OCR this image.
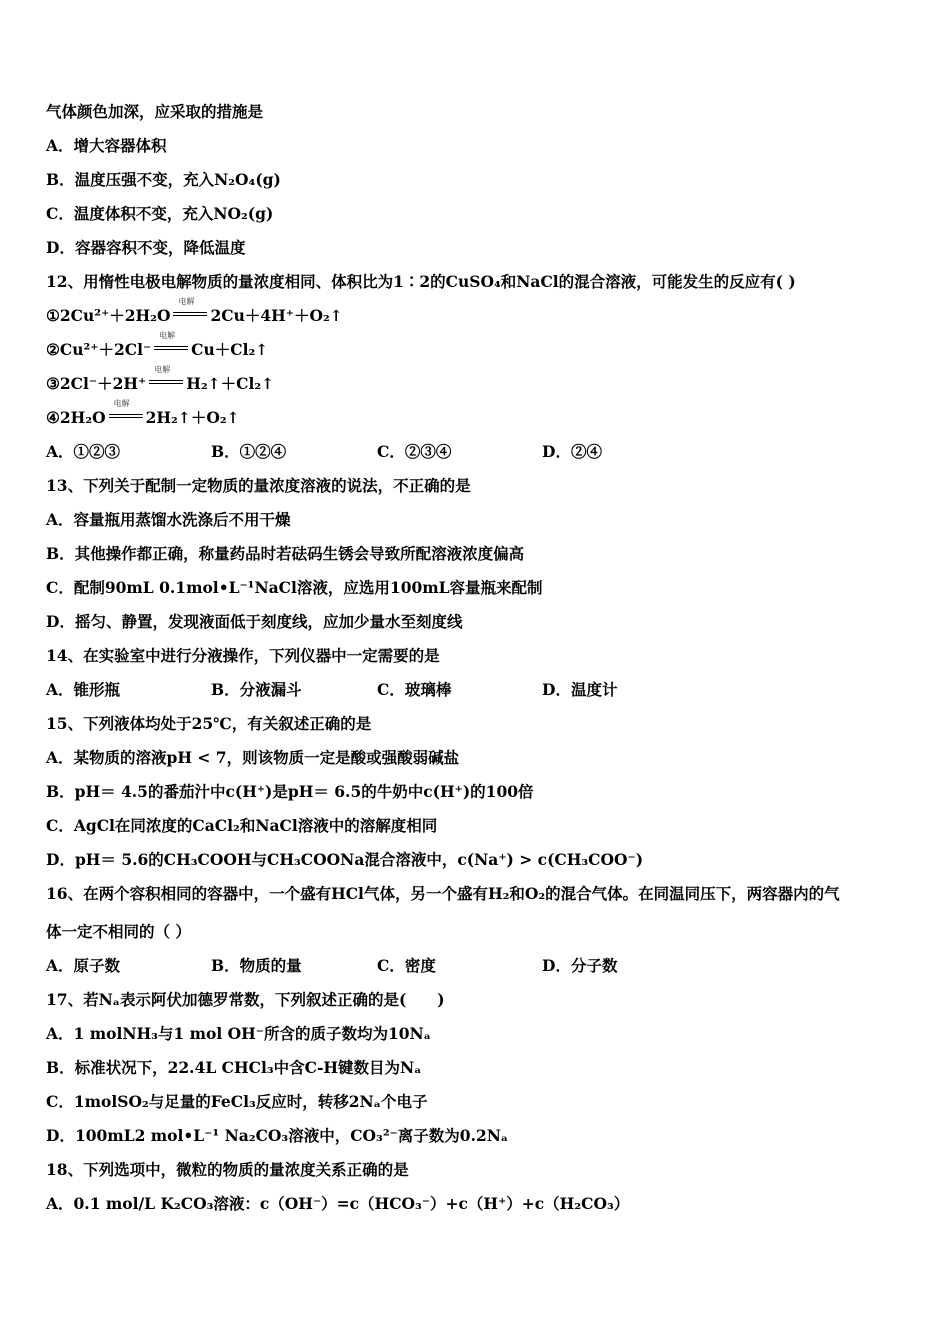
气体颜色加深，应采取的措施是
A．增大容器体积
B．温度压强不变，充入N₂O₄(g)
C．温度体积不变，充入NO₂(g)
D．容器容积不变，降低温度
12、用惰性电极电解物质的量浓度相同、体积比为1∶2的CuSO₄和NaCl的混合溶液，可能发生的反应有( )
①2Cu²⁺＋2H₂O
电解
2Cu＋4H⁺＋O₂↑
②Cu²⁺＋2Cl⁻
电解
Cu＋Cl₂↑
③2Cl⁻＋2H⁺
电解
H₂↑＋Cl₂↑
④2H₂O
电解
2H₂↑＋O₂↑
A．①②③	B．①②④	C．②③④	D．②④
13、下列关于配制一定物质的量浓度溶液的说法，不正确的是
A．容量瓶用蒸馏水洗涤后不用干燥
B．其他操作都正确，称量药品时若砝码生锈会导致所配溶液浓度偏高
C．配制90mL 0.1mol•L⁻¹NaCl溶液，应选用100mL容量瓶来配制
D．摇匀、静置，发现液面低于刻度线，应加少量水至刻度线
14、在实验室中进行分液操作，下列仪器中一定需要的是
A．锥形瓶	B．分液漏斗	C．玻璃棒	D．温度计
15、下列液体均处于25℃，有关叙述正确的是
A．某物质的溶液pH < 7，则该物质一定是酸或强酸弱碱盐
B．pH＝ 4.5的番茄汁中c(H⁺)是pH＝ 6.5的牛奶中c(H⁺)的100倍
C．AgCl在同浓度的CaCl₂和NaCl溶液中的溶解度相同
D．pH＝ 5.6的CH₃COOH与CH₃COONa混合溶液中，c(Na⁺) > c(CH₃COO⁻)
16、在两个容积相同的容器中，一个盛有HCl气体，另一个盛有H₂和O₂的混合气体。在同温同压下，两容器内的气
体一定不相同的（ ）
A．原子数	B．物质的量	C．密度	D．分子数
17、若Nₐ表示阿伏加德罗常数，下列叙述正确的是(　　)
A．1 molNH₃与1 mol OH⁻所含的质子数均为10Nₐ
B．标准状况下，22.4L CHCl₃中含C-H键数目为Nₐ
C．1molSO₂与足量的FeCl₃反应时，转移2Nₐ个电子
D．100mL2 mol•L⁻¹ Na₂CO₃溶液中，CO₃²⁻离子数为0.2Nₐ
18、下列选项中，微粒的物质的量浓度关系正确的是
A．0.1 mol/L K₂CO₃溶液：c（OH⁻）=c（HCO₃⁻）+c（H⁺）+c（H₂CO₃）
